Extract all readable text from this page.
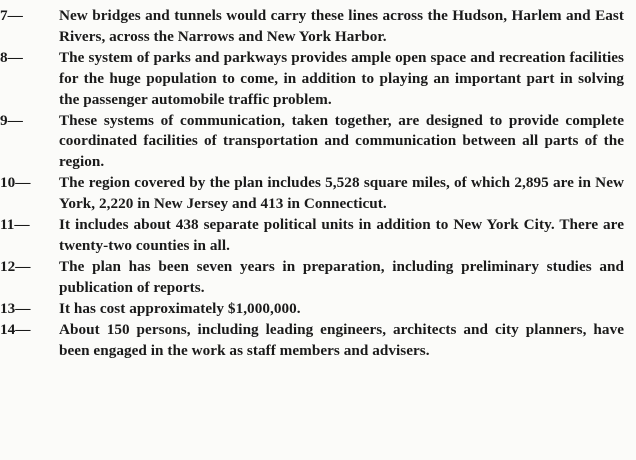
7—	New bridges and tunnels would carry these lines across the Hudson, Harlem and East Rivers, across the Narrows and New York Harbor.
8—	The system of parks and parkways provides ample open space and recreation facilities for the huge population to come, in addition to playing an important part in solving the passenger automobile traffic problem.
9—	These systems of communication, taken together, are designed to provide complete coordinated facilities of transportation and communication between all parts of the region.
10—	The region covered by the plan includes 5,528 square miles, of which 2,895 are in New York, 2,220 in New Jersey and 413 in Connecticut.
11—	It includes about 438 separate political units in addition to New York City. There are twenty-two counties in all.
12—	The plan has been seven years in preparation, including preliminary studies and publication of reports.
13—	It has cost approximately $1,000,000.
14—	About 150 persons, including leading engineers, architects and city planners, have been engaged in the work as staff members and advisers.
